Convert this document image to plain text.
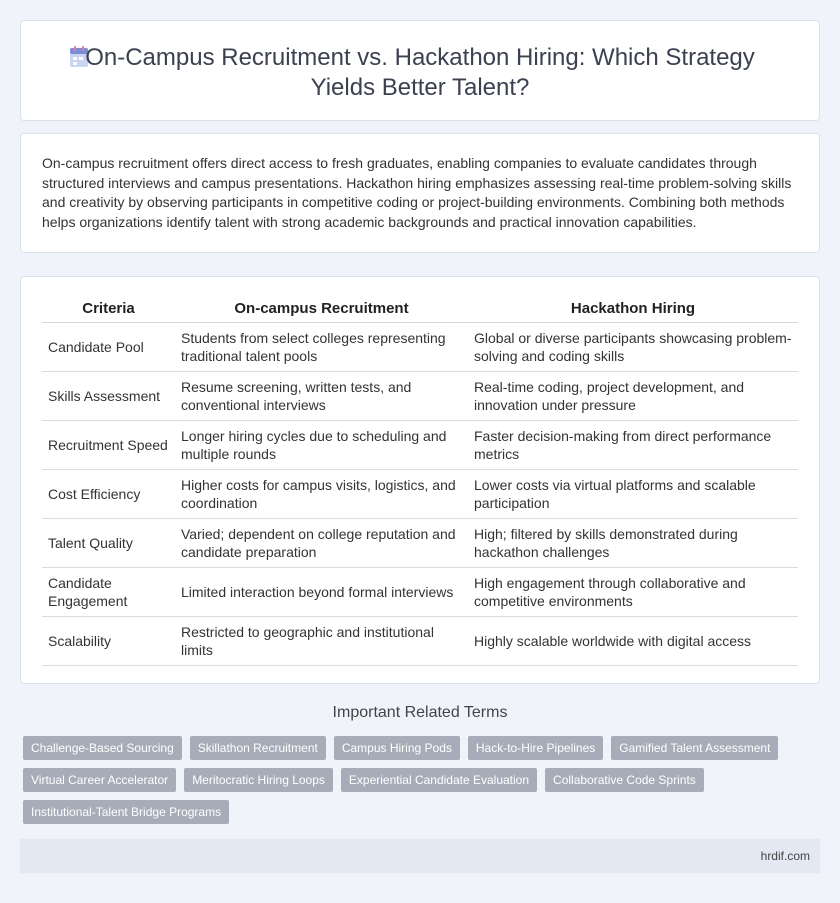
On-Campus Recruitment vs. Hackathon Hiring: Which Strategy Yields Better Talent?

On-campus recruitment offers direct access to fresh graduates, enabling companies to evaluate candidates through structured interviews and campus presentations. Hackathon hiring emphasizes assessing real-time problem-solving skills and creativity by observing participants in competitive coding or project-building environments. Combining both methods helps organizations identify talent with strong academic backgrounds and practical innovation capabilities.

Criteria	On-campus Recruitment	Hackathon Hiring
Candidate Pool	Students from select colleges representing traditional talent pools	Global or diverse participants showcasing problem-solving and coding skills
Skills Assessment	Resume screening, written tests, and conventional interviews	Real-time coding, project development, and innovation under pressure
Recruitment Speed	Longer hiring cycles due to scheduling and multiple rounds	Faster decision-making from direct performance metrics
Cost Efficiency	Higher costs for campus visits, logistics, and coordination	Lower costs via virtual platforms and scalable participation
Talent Quality	Varied; dependent on college reputation and candidate preparation	High; filtered by skills demonstrated during hackathon challenges
Candidate Engagement	Limited interaction beyond formal interviews	High engagement through collaborative and competitive environments
Scalability	Restricted to geographic and institutional limits	Highly scalable worldwide with digital access
Important Related Terms
Challenge-Based Sourcing	Skillathon Recruitment	Campus Hiring Pods	Hack-to-Hire Pipelines	Gamified Talent Assessment
Virtual Career Accelerator	Meritocratic Hiring Loops	Experiential Candidate Evaluation	Collaborative Code Sprints
Institutional-Talent Bridge Programs
hrdif.com
